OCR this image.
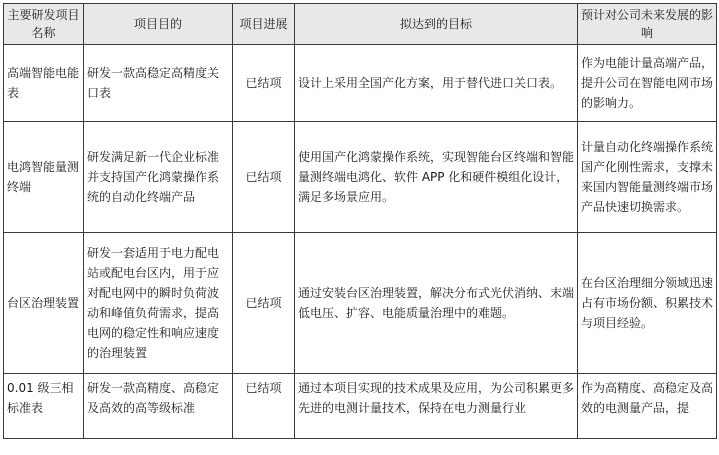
主要研发项目名称	项目目的	项目进展	拟达到的目标	预计对公司未来发展的影响

高端智能电能表	研发一款高稳定高精度关口表	已结项	设计上采用全国产化方案，用于替代进口关口表。	作为电能计量高端产品，提升公司在智能电网市场的影响力。

电鸿智能量测终端	研发满足新一代企业标准并支持国产化鸿蒙操作系统的自动化终端产品	已结项	使用国产化鸿蒙操作系统，实现智能台区终端和智能量测终端电鸿化、软件 APP 化和硬件模组化设计，满足多场景应用。	计量自动化终端操作系统国产化刚性需求，支撑未来国内智能量测终端市场产品快速切换需求。

台区治理装置	研发一套适用于电力配电站或配电台区内，用于应对配电网中的瞬时负荷波动和峰值负荷需求，提高电网的稳定性和响应速度的治理装置	已结项	通过安装台区治理装置，解决分布式光伏消纳、末端低电压、扩容、电能质量治理中的难题。	在台区治理细分领域迅速占有市场份额、积累技术与项目经验。

0.01 级三相标准表	研发一款高精度、高稳定及高效的高等级标准	已结项	通过本项目实现的技术成果及应用，为公司积累更多先进的电测计量技术，保持在电力测量行业	作为高精度、高稳定及高效的电测量产品，提
